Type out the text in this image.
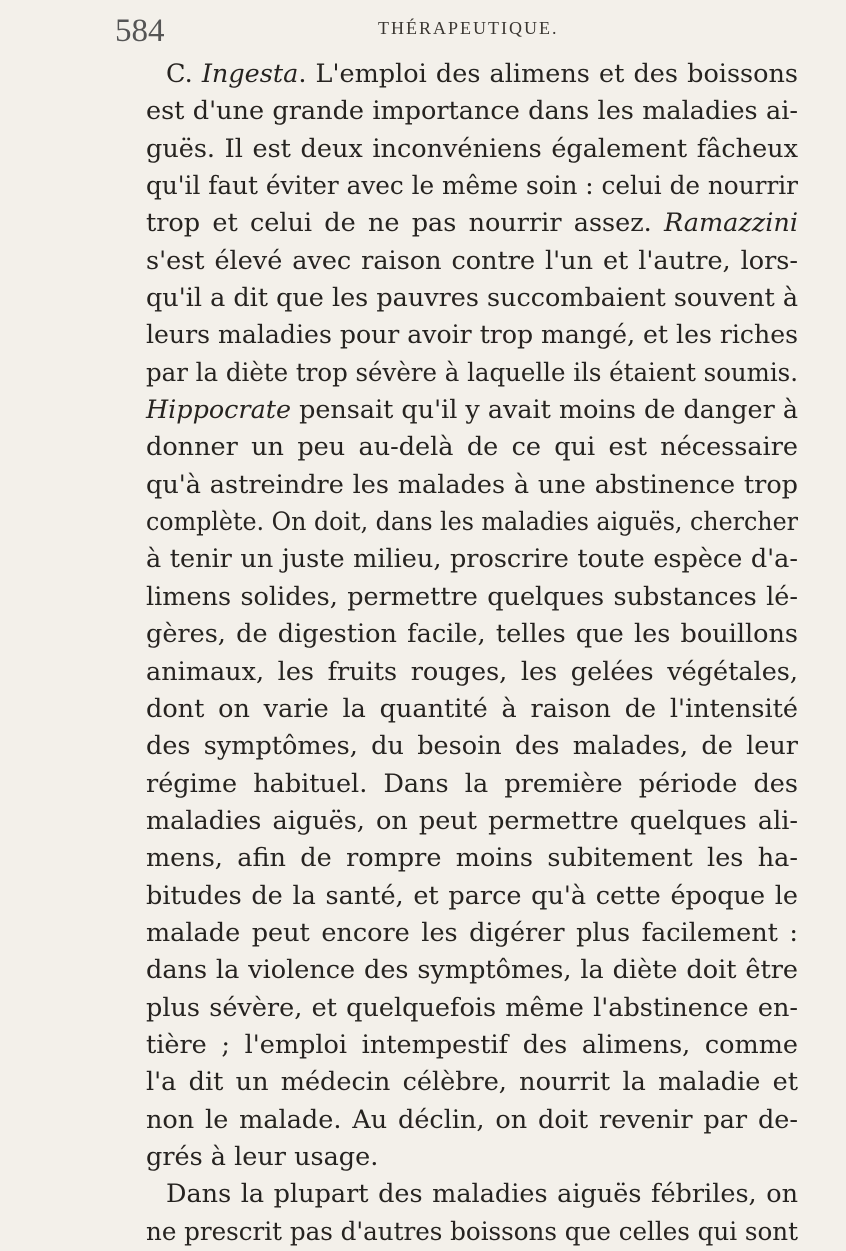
584	THÉRAPEUTIQUE.
C. Ingesta. L'emploi des alimens et des boissons
est d'une grande importance dans les maladies ai-
guës. Il est deux inconvéniens également fâcheux
qu'il faut éviter avec le même soin : celui de nourrir
trop et celui de ne pas nourrir assez. Ramazzini
s'est élevé avec raison contre l'un et l'autre, lors-
qu'il a dit que les pauvres succombaient souvent à
leurs maladies pour avoir trop mangé, et les riches
par la diète trop sévère à laquelle ils étaient soumis.
Hippocrate pensait qu'il y avait moins de danger à
donner un peu au-delà de ce qui est nécessaire
qu'à astreindre les malades à une abstinence trop
complète. On doit, dans les maladies aiguës, chercher
à tenir un juste milieu, proscrire toute espèce d'a-
limens solides, permettre quelques substances lé-
gères, de digestion facile, telles que les bouillons
animaux, les fruits rouges, les gelées végétales,
dont on varie la quantité à raison de l'intensité
des symptômes, du besoin des malades, de leur
régime habituel. Dans la première période des
maladies aiguës, on peut permettre quelques ali-
mens, afin de rompre moins subitement les ha-
bitudes de la santé, et parce qu'à cette époque le
malade peut encore les digérer plus facilement :
dans la violence des symptômes, la diète doit être
plus sévère, et quelquefois même l'abstinence en-
tière ; l'emploi intempestif des alimens, comme
l'a dit un médecin célèbre, nourrit la maladie et
non le malade. Au déclin, on doit revenir par de-
grés à leur usage.
Dans la plupart des maladies aiguës fébriles, on
ne prescrit pas d'autres boissons que celles qui sont
